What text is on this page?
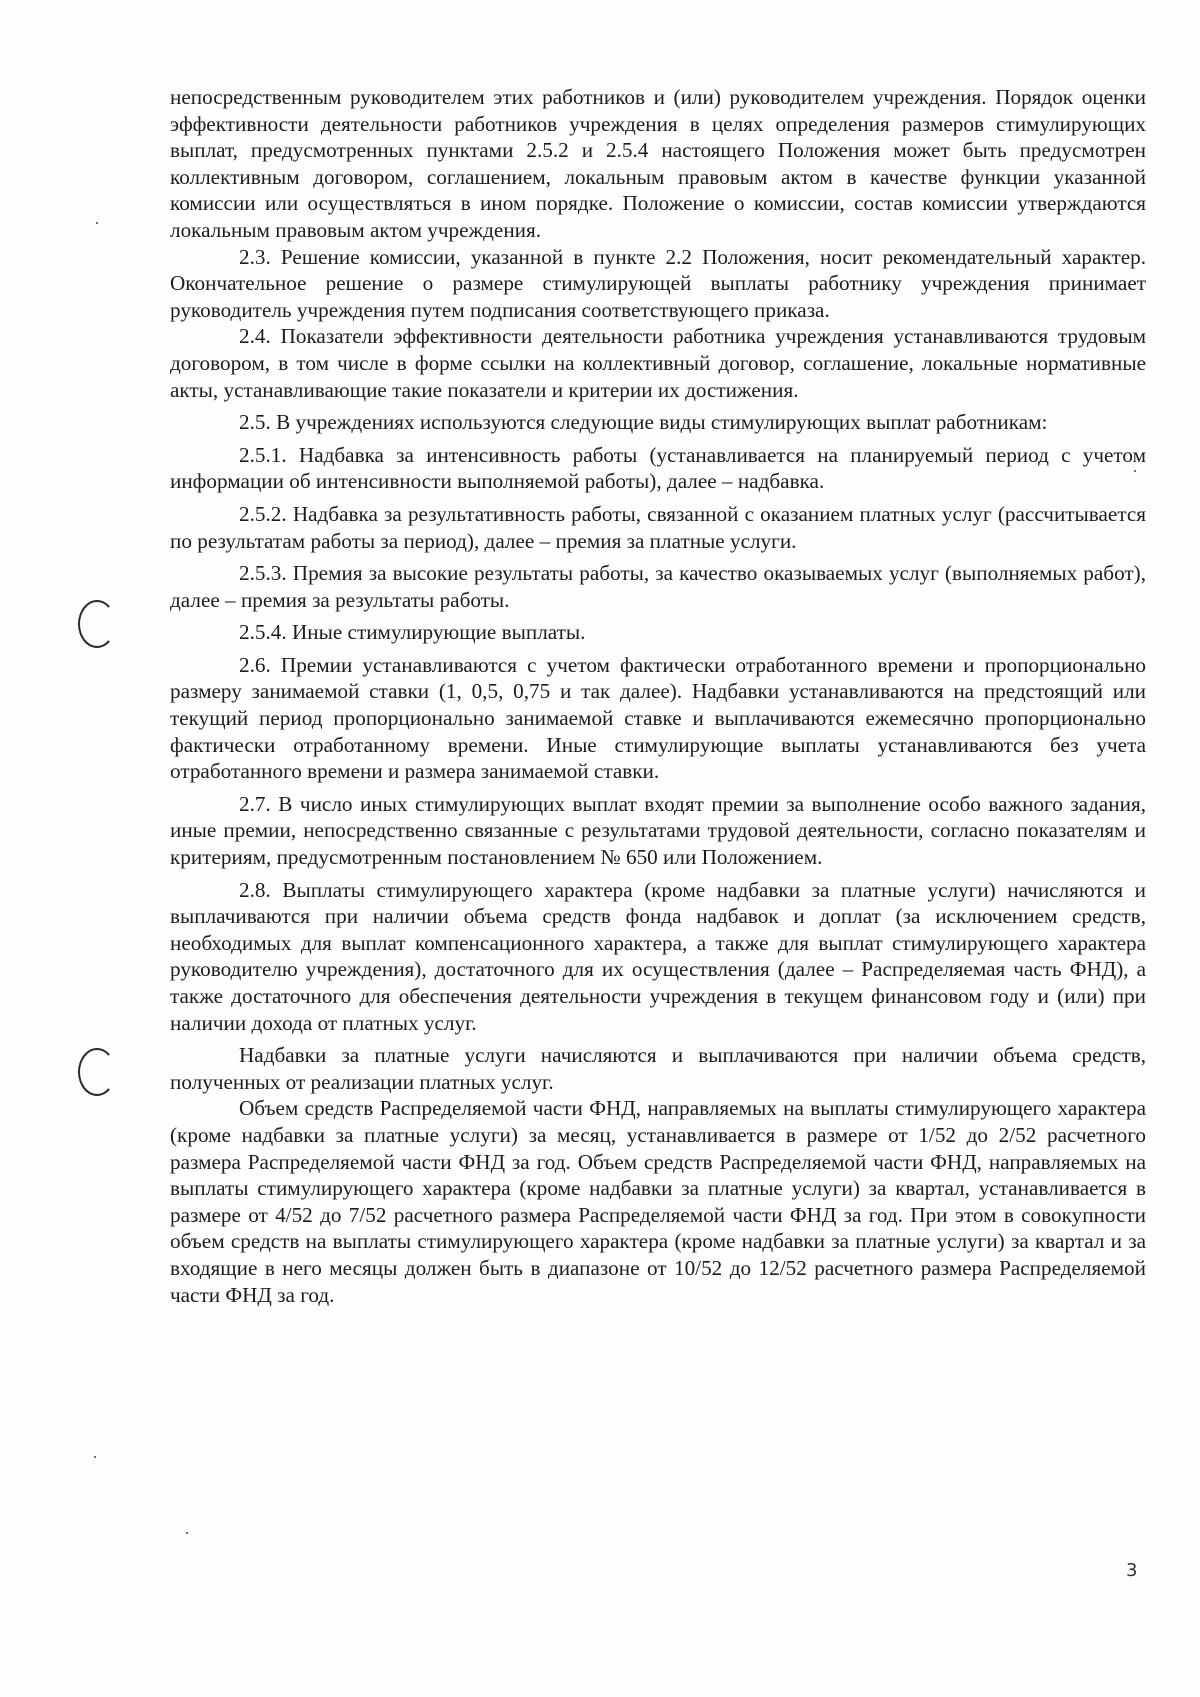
непосредственным руководителем этих работников и (или) руководителем учреждения. Порядок оценки эффективности деятельности работников учреждения в целях определения размеров стимулирующих выплат, предусмотренных пунктами 2.5.2 и 2.5.4 настоящего Положения может быть предусмотрен коллективным договором, соглашением, локальным правовым актом в качестве функции указанной комиссии или осуществляться в ином порядке. Положение о комиссии, состав комиссии утверждаются локальным правовым актом учреждения.

2.3. Решение комиссии, указанной в пункте 2.2 Положения, носит рекомендательный характер. Окончательное решение о размере стимулирующей выплаты работнику учреждения принимает руководитель учреждения путем подписания соответствующего приказа.

2.4. Показатели эффективности деятельности работника учреждения устанавливаются трудовым договором, в том числе в форме ссылки на коллективный договор, соглашение, локальные нормативные акты, устанавливающие такие показатели и критерии их достижения.

2.5. В учреждениях используются следующие виды стимулирующих выплат работникам:

2.5.1. Надбавка за интенсивность работы (устанавливается на планируемый период с учетом информации об интенсивности выполняемой работы), далее – надбавка.

2.5.2. Надбавка за результативность работы, связанной с оказанием платных услуг (рассчитывается по результатам работы за период), далее – премия за платные услуги.

2.5.3. Премия за высокие результаты работы, за качество оказываемых услуг (выполняемых работ), далее – премия за результаты работы.

2.5.4. Иные стимулирующие выплаты.

2.6. Премии устанавливаются с учетом фактически отработанного времени и пропорционально размеру занимаемой ставки (1, 0,5, 0,75 и так далее). Надбавки устанавливаются на предстоящий или текущий период пропорционально занимаемой ставке и выплачиваются ежемесячно пропорционально фактически отработанному времени. Иные стимулирующие выплаты устанавливаются без учета отработанного времени и размера занимаемой ставки.

2.7. В число иных стимулирующих выплат входят премии за выполнение особо важного задания, иные премии, непосредственно связанные с результатами трудовой деятельности, согласно показателям и критериям, предусмотренным постановлением № 650 или Положением.

2.8. Выплаты стимулирующего характера (кроме надбавки за платные услуги) начисляются и выплачиваются при наличии объема средств фонда надбавок и доплат (за исключением средств, необходимых для выплат компенсационного характера, а также для выплат стимулирующего характера руководителю учреждения), достаточного для их осуществления (далее – Распределяемая часть ФНД), а также достаточного для обеспечения деятельности учреждения в текущем финансовом году и (или) при наличии дохода от платных услуг.

Надбавки за платные услуги начисляются и выплачиваются при наличии объема средств, полученных от реализации платных услуг.

Объем средств Распределяемой части ФНД, направляемых на выплаты стимулирующего характера (кроме надбавки за платные услуги) за месяц, устанавливается в размере от 1/52 до 2/52 расчетного размера Распределяемой части ФНД за год. Объем средств Распределяемой части ФНД, направляемых на выплаты стимулирующего характера (кроме надбавки за платные услуги) за квартал, устанавливается в размере от 4/52 до 7/52 расчетного размера Распределяемой части ФНД за год. При этом в совокупности объем средств на выплаты стимулирующего характера (кроме надбавки за платные услуги) за квартал и за входящие в него месяцы должен быть в диапазоне от 10/52 до 12/52 расчетного размера Распределяемой части ФНД за год.

3
